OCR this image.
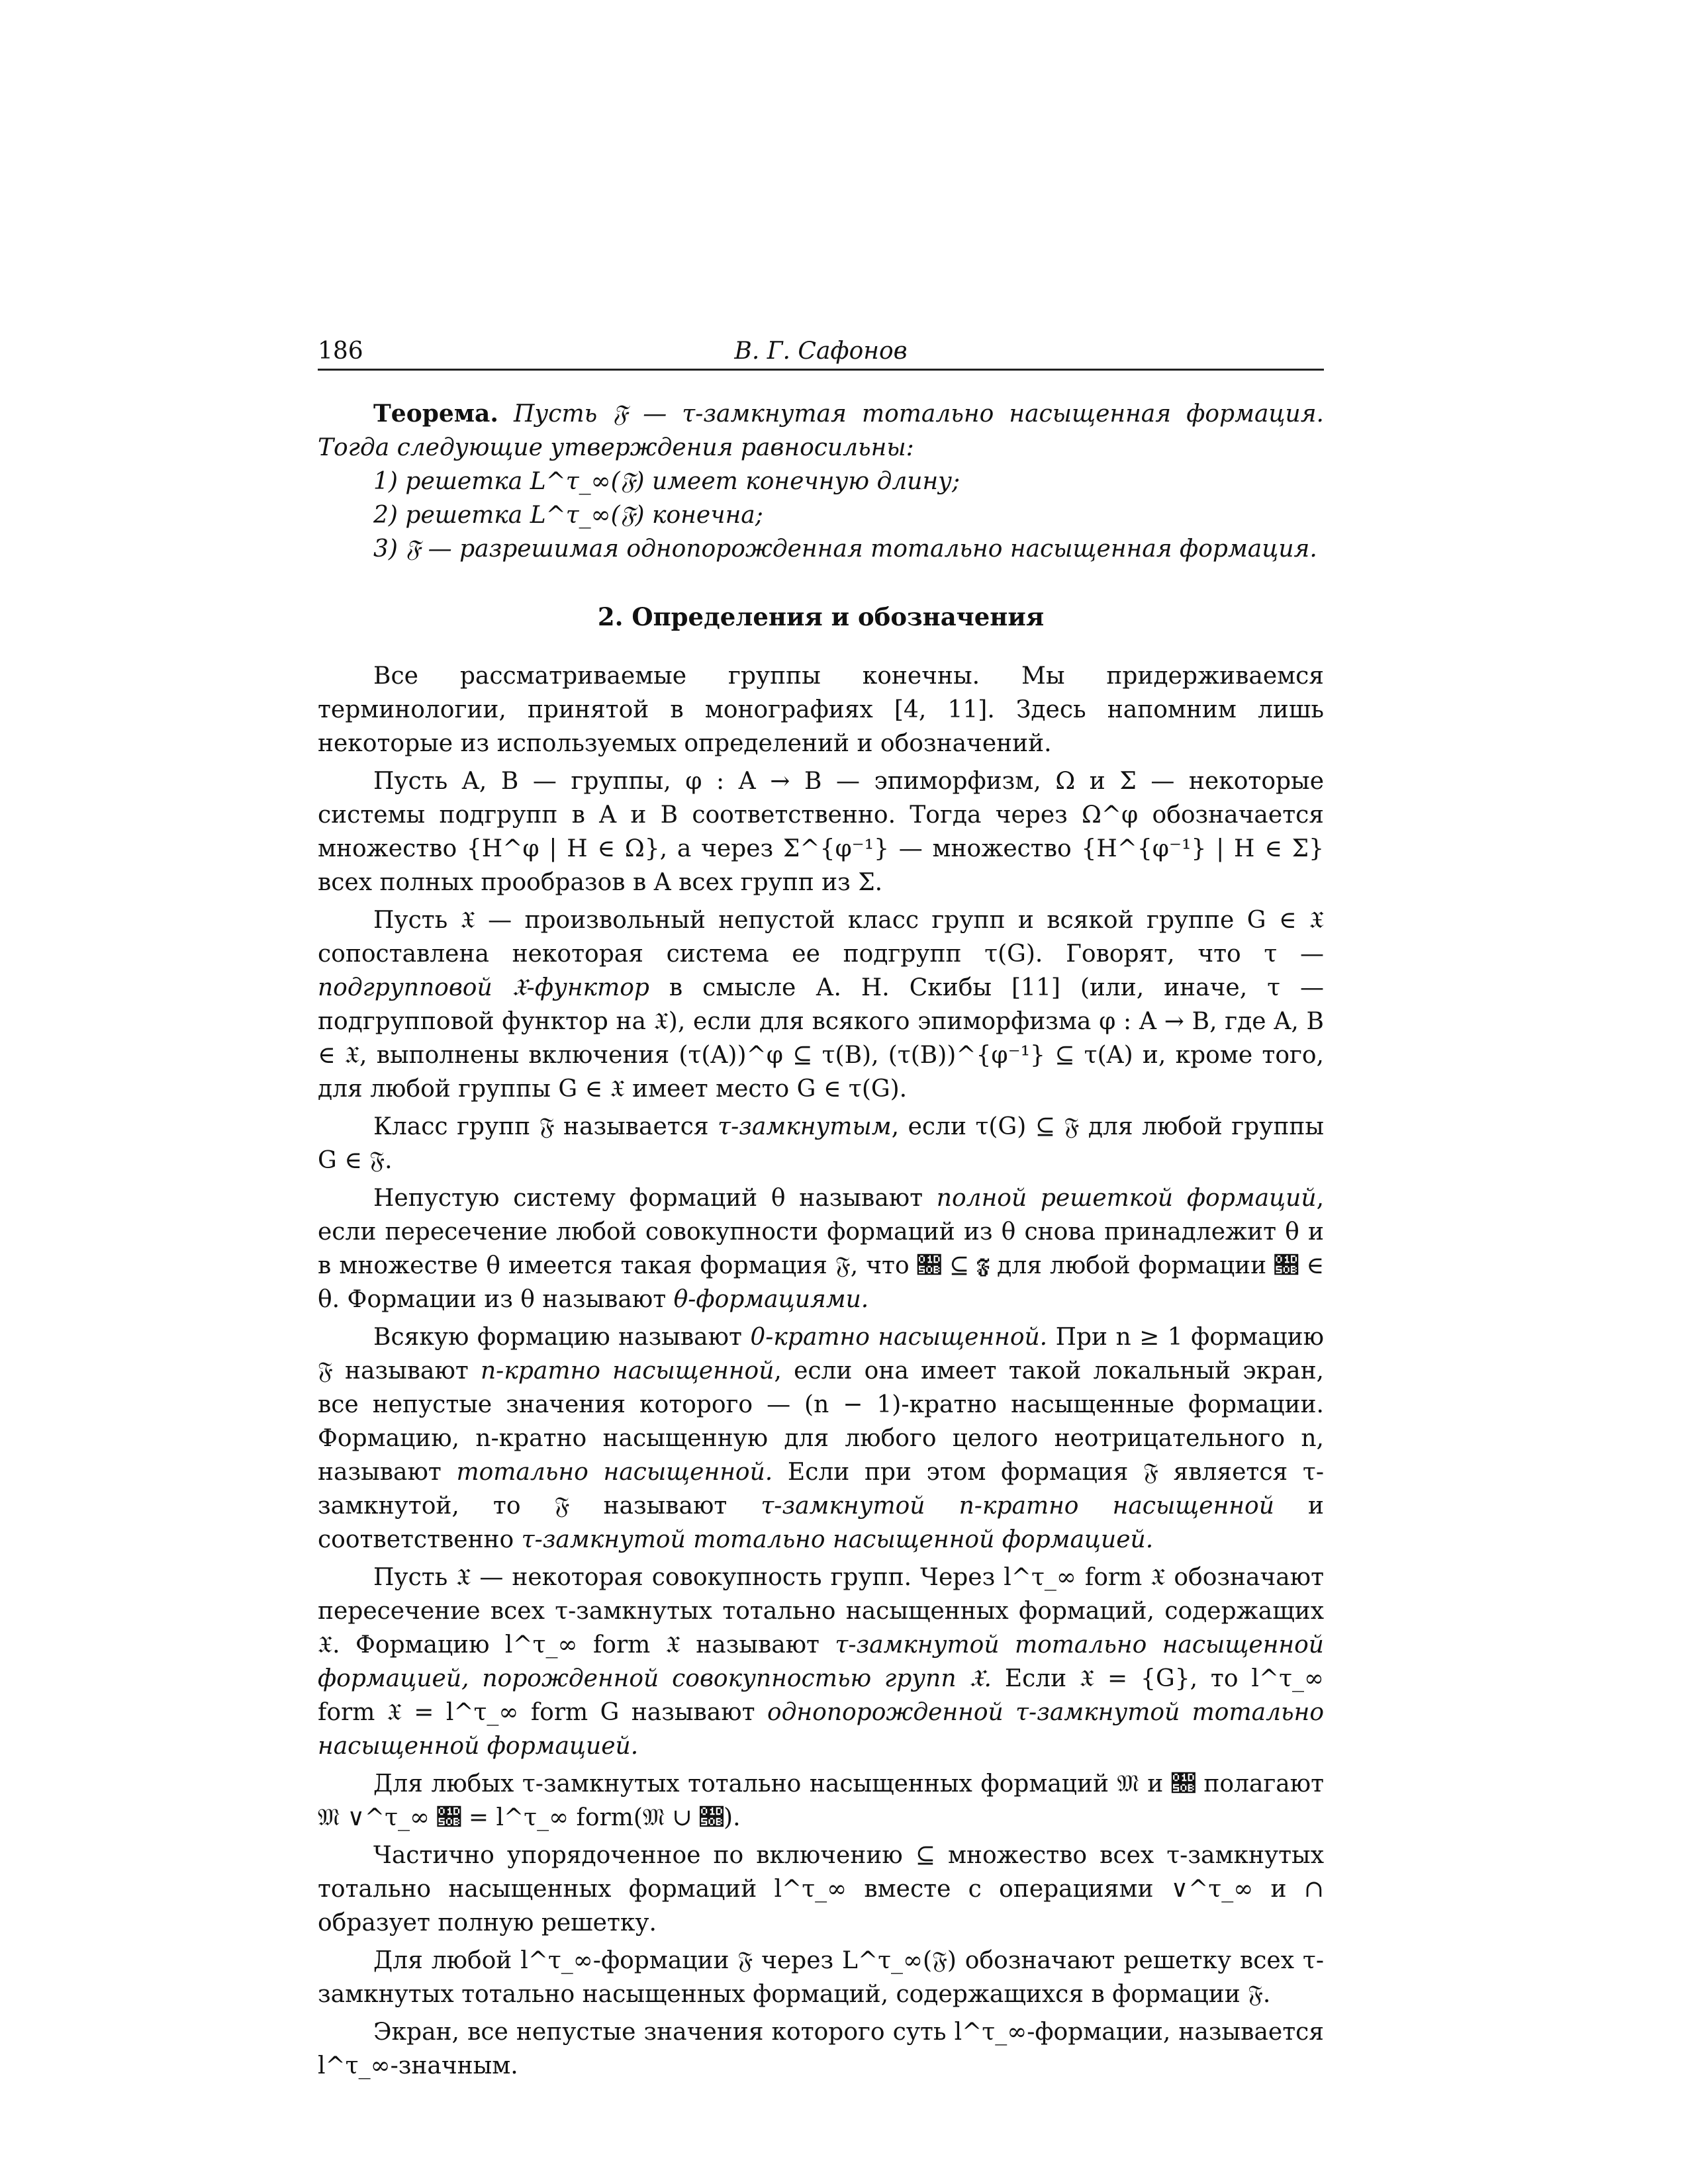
186	В. Г. Сафонов

Теорема. Пусть 𝔉 — τ-замкнутая тотально насыщенная формация. Тогда следующие утверждения равносильны:

1) решетка L^τ_∞(𝔉) имеет конечную длину;
2) решетка L^τ_∞(𝔉) конечна;
3) 𝔉 — разрешимая однопорожденная тотально насыщенная формация.
2. Определения и обозначения

Все рассматриваемые группы конечны. Мы придерживаемся терминологии, принятой в монографиях [4, 11]. Здесь напомним лишь некоторые из используемых определений и обозначений.

Пусть A, B — группы, φ : A → B — эпиморфизм, Ω и Σ — некоторые системы подгрупп в A и B соответственно. Тогда через Ω^φ обозначается множество {H^φ | H ∈ Ω}, а через Σ^{φ⁻¹} — множество {H^{φ⁻¹} | H ∈ Σ} всех полных прообразов в A всех групп из Σ.

Пусть 𝔛 — произвольный непустой класс групп и всякой группе G ∈ 𝔛 сопоставлена некоторая система ее подгрупп τ(G). Говорят, что τ — подгрупповой 𝔛-функтор в смысле А. Н. Скибы [11] (или, иначе, τ — подгрупповой функтор на 𝔛), если для всякого эпиморфизма φ : A → B, где A, B ∈ 𝔛, выполнены включения (τ(A))^φ ⊆ τ(B), (τ(B))^{φ⁻¹} ⊆ τ(A) и, кроме того, для любой группы G ∈ 𝔛 имеет место G ∈ τ(G).

Класс групп 𝔉 называется τ-замкнутым, если τ(G) ⊆ 𝔉 для любой группы G ∈ 𝔉.

Непустую систему формаций θ называют полной решеткой формаций, если пересечение любой совокупности формаций из θ снова принадлежит θ и в множестве θ имеется такая формация 𝔉, что 𝔋 ⊆ 𝔉 для любой формации 𝔋 ∈ θ. Формации из θ называют θ-формациями.

Всякую формацию называют 0-кратно насыщенной. При n ≥ 1 формацию 𝔉 называют n-кратно насыщенной, если она имеет такой локальный экран, все непустые значения которого — (n − 1)-кратно насыщенные формации. Формацию, n-кратно насыщенную для любого целого неотрицательного n, называют тотально насыщенной. Если при этом формация 𝔉 является τ-замкнутой, то 𝔉 называют τ-замкнутой n-кратно насыщенной и соответственно τ-замкнутой тотально насыщенной формацией.

Пусть 𝔛 — некоторая совокупность групп. Через l^τ_∞ form 𝔛 обозначают пересечение всех τ-замкнутых тотально насыщенных формаций, содержащих 𝔛. Формацию l^τ_∞ form 𝔛 называют τ-замкнутой тотально насыщенной формацией, порожденной совокупностью групп 𝔛. Если 𝔛 = {G}, то l^τ_∞ form 𝔛 = l^τ_∞ form G называют однопорожденной τ-замкнутой тотально насыщенной формацией.

Для любых τ-замкнутых тотально насыщенных формаций 𝔐 и 𝔋 полагают 𝔐 ∨^τ_∞ 𝔋 = l^τ_∞ form(𝔐 ∪ 𝔋).

Частично упорядоченное по включению ⊆ множество всех τ-замкнутых тотально насыщенных формаций l^τ_∞ вместе с операциями ∨^τ_∞ и ∩ образует полную решетку.

Для любой l^τ_∞-формации 𝔉 через L^τ_∞(𝔉) обозначают решетку всех τ-замкнутых тотально насыщенных формаций, содержащихся в формации 𝔉.

Экран, все непустые значения которого суть l^τ_∞-формации, называется l^τ_∞-значным.
